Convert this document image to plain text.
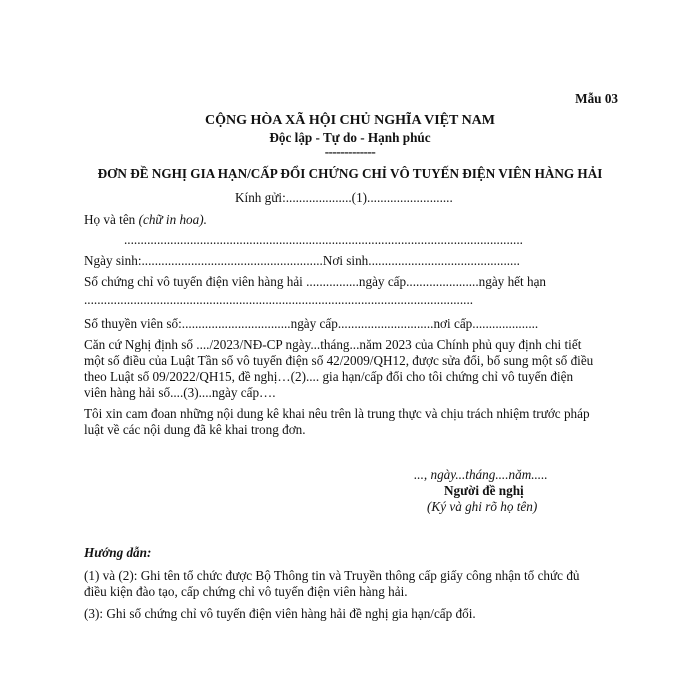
Mẫu 03
CỘNG HÒA XÃ HỘI CHỦ NGHĨA VIỆT NAM
Độc lập - Tự do - Hạnh phúc
-------------
ĐƠN ĐỀ NGHỊ GIA HẠN/CẤP ĐỔI CHỨNG CHỈ VÔ TUYẾN ĐIỆN VIÊN HÀNG HẢI
Kính gửi:....................(1)..........................
Họ và tên (chữ in hoa).
.........................................................................................................................
Ngày sinh:.......................................................Nơi sinh..............................................
Số chứng chỉ vô tuyến điện viên hàng hải ................ngày cấp......................ngày hết hạn
......................................................................................................................
Số thuyền viên số:.................................ngày cấp.............................nơi cấp....................
Căn cứ Nghị định số ..../2023/NĐ-CP ngày...tháng...năm 2023 của Chính phủ quy định chi tiết
một số điều của Luật Tần số vô tuyến điện số 42/2009/QH12, được sửa đổi, bổ sung một số điều
theo Luật số 09/2022/QH15, đề nghị…(2).... gia hạn/cấp đổi cho tôi chứng chỉ vô tuyến điện
viên hàng hải số....(3)....ngày cấp….
Tôi xin cam đoan những nội dung kê khai nêu trên là trung thực và chịu trách nhiệm trước pháp
luật về các nội dung đã kê khai trong đơn.
..., ngày...tháng....năm.....
Người đề nghị
(Ký và ghi rõ họ tên)
Hướng dẫn:
(1) và (2): Ghi tên tổ chức được Bộ Thông tin và Truyền thông cấp giấy công nhận tổ chức đủ
điều kiện đào tạo, cấp chứng chỉ vô tuyến điện viên hàng hải.
(3): Ghi số chứng chỉ vô tuyến điện viên hàng hải đề nghị gia hạn/cấp đổi.
